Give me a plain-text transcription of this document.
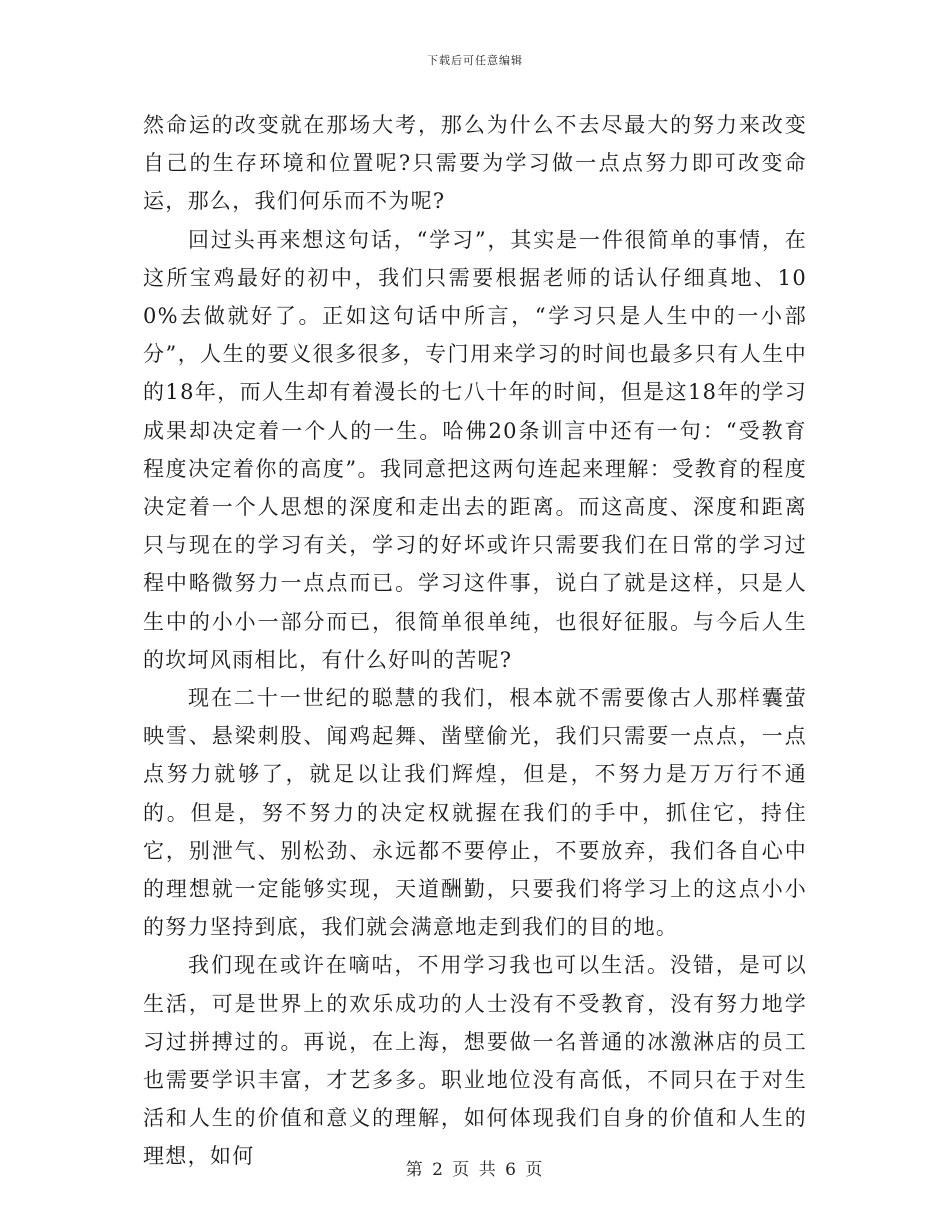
下载后可任意编辑

然命运的改变就在那场大考，那么为什么不去尽最大的努力来改变自己的生存环境和位置呢?只需要为学习做一点点努力即可改变命运，那么，我们何乐而不为呢?

回过头再来想这句话，“学习”，其实是一件很简单的事情，在这所宝鸡最好的初中，我们只需要根据老师的话认仔细真地、100%去做就好了。正如这句话中所言，“学习只是人生中的一小部分”，人生的要义很多很多，专门用来学习的时间也最多只有人生中的18年，而人生却有着漫长的七八十年的时间，但是这18年的学习成果却决定着一个人的一生。哈佛20条训言中还有一句：“受教育程度决定着你的高度”。我同意把这两句连起来理解：受教育的程度决定着一个人思想的深度和走出去的距离。而这高度、深度和距离只与现在的学习有关，学习的好坏或许只需要我们在日常的学习过程中略微努力一点点而已。学习这件事，说白了就是这样，只是人生中的小小一部分而已，很简单很单纯，也很好征服。与今后人生的坎坷风雨相比，有什么好叫的苦呢?

现在二十一世纪的聪慧的我们，根本就不需要像古人那样囊萤映雪、悬梁刺股、闻鸡起舞、凿壁偷光，我们只需要一点点，一点点努力就够了，就足以让我们辉煌，但是，不努力是万万行不通的。但是，努不努力的决定权就握在我们的手中，抓住它，持住它，别泄气、别松劲、永远都不要停止，不要放弃，我们各自心中的理想就一定能够实现，天道酬勤，只要我们将学习上的这点小小的努力坚持到底，我们就会满意地走到我们的目的地。

我们现在或许在嘀咕，不用学习我也可以生活。没错，是可以生活，可是世界上的欢乐成功的人士没有不受教育，没有努力地学习过拼搏过的。再说，在上海，想要做一名普通的冰激淋店的员工也需要学识丰富，才艺多多。职业地位没有高低，不同只在于对生活和人生的价值和意义的理解，如何体现我们自身的价值和人生的理想，如何

第 2 页 共 6 页
